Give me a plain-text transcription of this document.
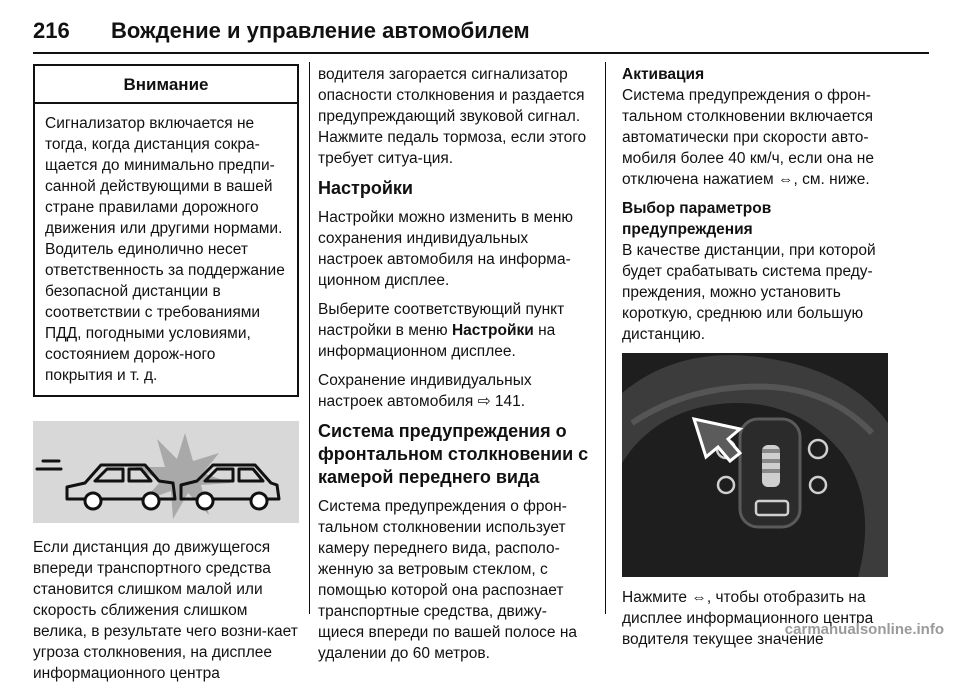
216 Вождение и управление автомобилем
Внимание
Сигнализатор включается не тогда, когда дистанция сокра-щается до минимально предпи-санной действующими в вашей стране правилами дорожного движения или другими нормами. Водитель единолично несет ответственность за поддержание безопасной дистанции в соответствии с требованиями ПДД, погодными условиями, состоянием дорож-ного покрытия и т. д.

Если дистанция до движущегося впереди транспортного средства становится слишком малой или скорость сближения слишком велика, в результате чего возни-кает угроза столкновения, на дисплее информационного центра

водителя загорается сигнализатор опасности столкновения и раздается предупреждающий звуковой сигнал. Нажмите педаль тормоза, если этого требует ситуа-ция.

Настройки

Настройки можно изменить в меню сохранения индивидуальных настроек автомобиля на информа-ционном дисплее.

Выберите соответствующий пункт настройки в меню Настройки на информационном дисплее.

Сохранение индивидуальных настроек автомобиля ⇨ 141.

Система предупреждения о фронтальном столкновении с камерой переднего вида

Система предупреждения о фрон-тальном столкновении использует камеру переднего вида, располо-женную за ветровым стеклом, с помощью которой она распознает транспортные средства, движу-щиеся впереди по вашей полосе на удалении до 60 метров.

Активация

Система предупреждения о фрон-тальном столкновении включается автоматически при скорости авто-мобиля более 40 км/ч, если она не отключена нажатием ⇔, см. ниже.

Выбор параметров предупреждения

В качестве дистанции, при которой будет срабатывать система преду-преждения, можно установить короткую, среднюю или большую дистанцию.

Нажмите ⇔, чтобы отобразить на дисплее информационного центра водителя текущее значение

carmanualsonline.info
